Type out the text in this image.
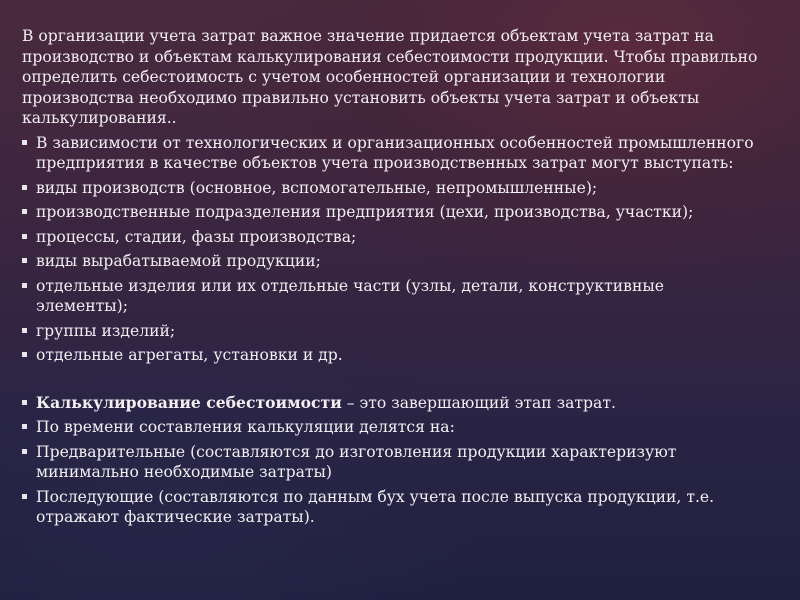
В организации учета затрат важное значение придается объектам учета затрат на производство и объектам калькулирования себестоимости продукции. Чтобы правильно определить себестоимость с учетом особенностей организации и технологии производства необходимо правильно установить объекты учета затрат и объекты калькулирования..

В зависимости от технологических и организационных особенностей промышленного предприятия в качестве объектов учета производственных затрат могут выступать:
виды производств (основное, вспомогательные, непромышленные);
производственные подразделения предприятия (цехи, производства, участки);
процессы, стадии, фазы производства;
виды вырабатываемой продукции;
отдельные изделия или их отдельные части (узлы, детали, конструктивные элементы);
группы изделий;
отдельные агрегаты, установки и др.
Калькулирование себестоимости – это завершающий этап затрат.
По времени составления калькуляции делятся на:
Предварительные (составляются до изготовления продукции характеризуют минимально необходимые затраты)
Последующие (составляются по данным бух учета после выпуска продукции, т.е. отражают фактические затраты).
